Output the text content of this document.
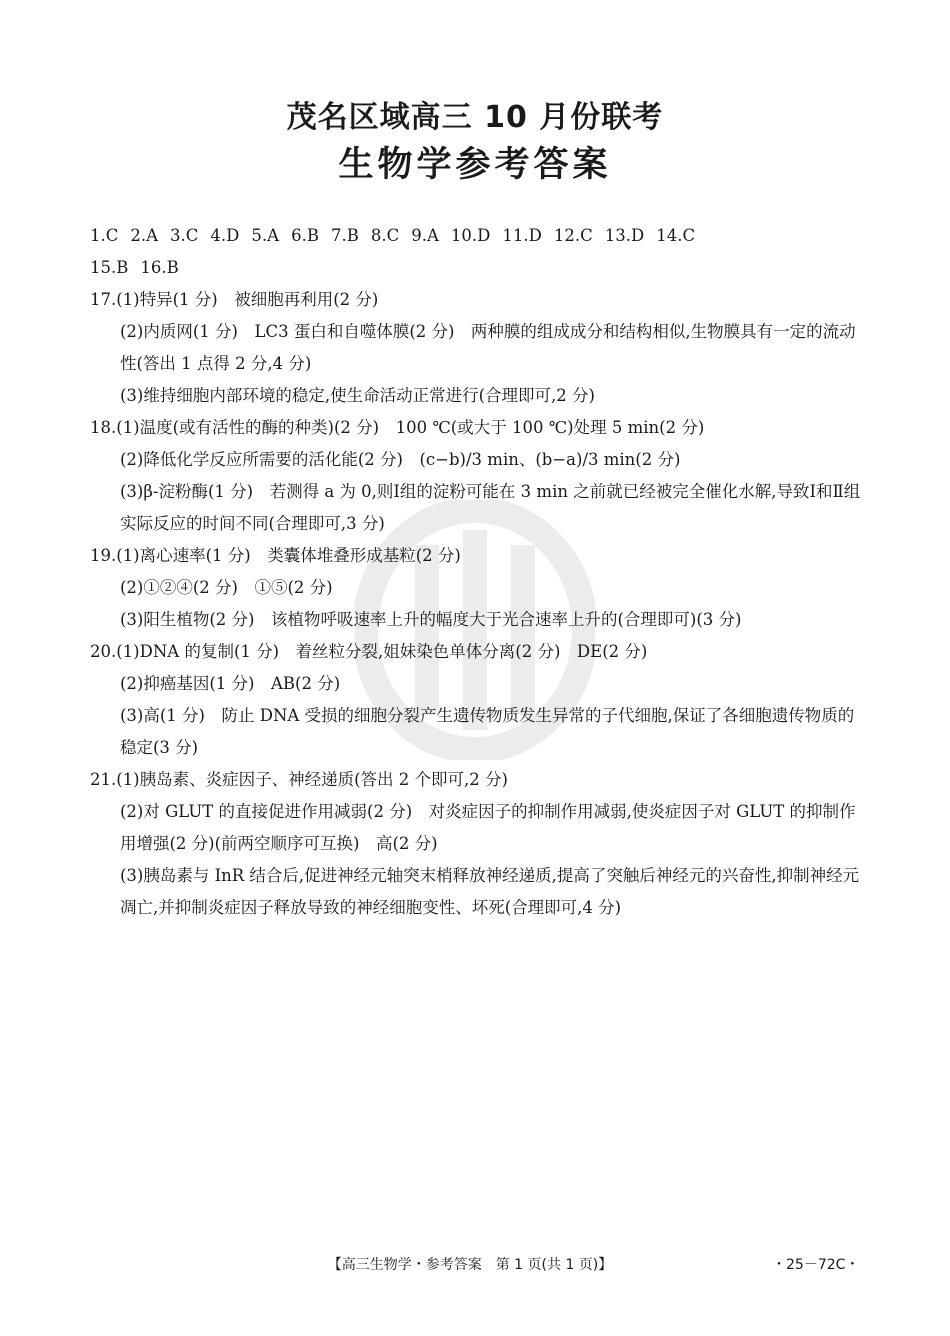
茂名区域高三 10 月份联考
生物学参考答案
1.C 2.A 3.C 4.D 5.A 6.B 7.B 8.C 9.A 10.D 11.D 12.C 13.D 14.C
15.B 16.B
17.(1)特异(1 分)　被细胞再利用(2 分)
(2)内质网(1 分)　LC3 蛋白和自噬体膜(2 分)　两种膜的组成成分和结构相似,生物膜具有一定的流动性(答出 1 点得 2 分,4 分)
(3)维持细胞内部环境的稳定,使生命活动正常进行(合理即可,2 分)
18.(1)温度(或有活性的酶的种类)(2 分)　100 ℃(或大于 100 ℃)处理 5 min(2 分)
(2)降低化学反应所需要的活化能(2 分)　(c−b)/3 min、(b−a)/3 min(2 分)
(3)β-淀粉酶(1 分)　若测得 a 为 0,则Ⅰ组的淀粉可能在 3 min 之前就已经被完全催化水解,导致Ⅰ和Ⅱ组实际反应的时间不同(合理即可,3 分)
19.(1)离心速率(1 分)　类囊体堆叠形成基粒(2 分)
(2)①②④(2 分)　①⑤(2 分)
(3)阳生植物(2 分)　该植物呼吸速率上升的幅度大于光合速率上升的(合理即可)(3 分)
20.(1)DNA 的复制(1 分)　着丝粒分裂,姐妹染色单体分离(2 分)　DE(2 分)
(2)抑癌基因(1 分)　AB(2 分)
(3)高(1 分)　防止 DNA 受损的细胞分裂产生遗传物质发生异常的子代细胞,保证了各细胞遗传物质的稳定(3 分)
21.(1)胰岛素、炎症因子、神经递质(答出 2 个即可,2 分)
(2)对 GLUT 的直接促进作用减弱(2 分)　对炎症因子的抑制作用减弱,使炎症因子对 GLUT 的抑制作用增强(2 分)(前两空顺序可互换)　高(2 分)
(3)胰岛素与 InR 结合后,促进神经元轴突末梢释放神经递质,提高了突触后神经元的兴奋性,抑制神经元凋亡,并抑制炎症因子释放导致的神经细胞变性、坏死(合理即可,4 分)
【高三生物学・参考答案　第 1 页(共 1 页)】	・25－72C・
